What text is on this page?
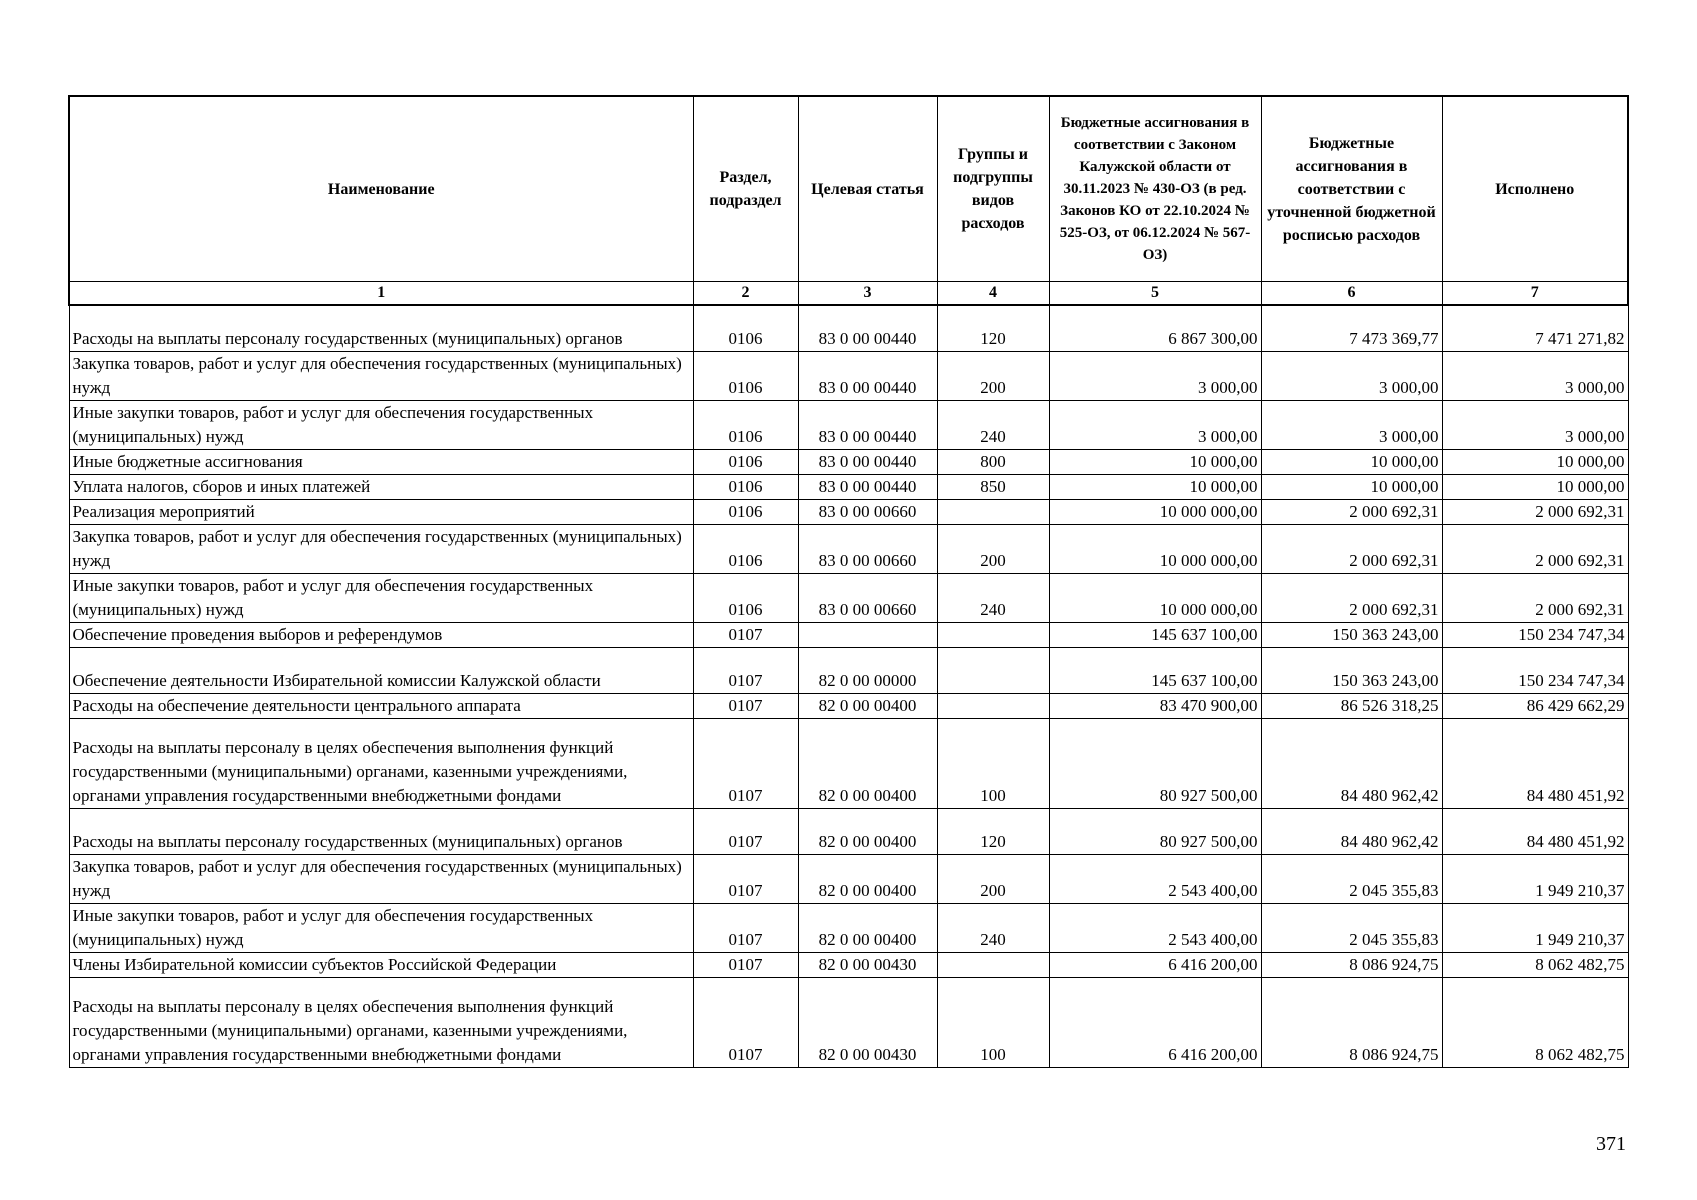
Наименование	Раздел, подраздел	Целевая статья	Группы и подгруппы видов расходов	Бюджетные ассигнования в соответствии с Законом Калужской области от 30.11.2023 № 430-ОЗ (в ред. Законов КО от 22.10.2024 № 525-ОЗ, от 06.12.2024 № 567-ОЗ)	Бюджетные ассигнования в соответствии с уточненной бюджетной росписью расходов	Исполнено
1	2	3	4	5	6	7
Расходы на выплаты персоналу государственных (муниципальных) органов	0106	83 0 00 00440	120	6 867 300,00	7 473 369,77	7 471 271,82
Закупка товаров, работ и услуг для обеспечения государственных (муниципальных) нужд	0106	83 0 00 00440	200	3 000,00	3 000,00	3 000,00
Иные закупки товаров, работ и услуг для обеспечения государственных (муниципальных) нужд	0106	83 0 00 00440	240	3 000,00	3 000,00	3 000,00
Иные бюджетные ассигнования	0106	83 0 00 00440	800	10 000,00	10 000,00	10 000,00
Уплата налогов, сборов и иных платежей	0106	83 0 00 00440	850	10 000,00	10 000,00	10 000,00
Реализация мероприятий	0106	83 0 00 00660		10 000 000,00	2 000 692,31	2 000 692,31
Закупка товаров, работ и услуг для обеспечения государственных (муниципальных) нужд	0106	83 0 00 00660	200	10 000 000,00	2 000 692,31	2 000 692,31
Иные закупки товаров, работ и услуг для обеспечения государственных (муниципальных) нужд	0106	83 0 00 00660	240	10 000 000,00	2 000 692,31	2 000 692,31
Обеспечение проведения выборов и референдумов	0107			145 637 100,00	150 363 243,00	150 234 747,34
Обеспечение деятельности Избирательной комиссии Калужской области	0107	82 0 00 00000		145 637 100,00	150 363 243,00	150 234 747,34
Расходы на обеспечение деятельности центрального аппарата	0107	82 0 00 00400		83 470 900,00	86 526 318,25	86 429 662,29
Расходы на выплаты персоналу в целях обеспечения выполнения функций государственными (муниципальными) органами, казенными учреждениями, органами управления государственными внебюджетными фондами	0107	82 0 00 00400	100	80 927 500,00	84 480 962,42	84 480 451,92
Расходы на выплаты персоналу государственных (муниципальных) органов	0107	82 0 00 00400	120	80 927 500,00	84 480 962,42	84 480 451,92
Закупка товаров, работ и услуг для обеспечения государственных (муниципальных) нужд	0107	82 0 00 00400	200	2 543 400,00	2 045 355,83	1 949 210,37
Иные закупки товаров, работ и услуг для обеспечения государственных (муниципальных) нужд	0107	82 0 00 00400	240	2 543 400,00	2 045 355,83	1 949 210,37
Члены Избирательной комиссии субъектов Российской Федерации	0107	82 0 00 00430		6 416 200,00	8 086 924,75	8 062 482,75
Расходы на выплаты персоналу в целях обеспечения выполнения функций государственными (муниципальными) органами, казенными учреждениями, органами управления государственными внебюджетными фондами	0107	82 0 00 00430	100	6 416 200,00	8 086 924,75	8 062 482,75
371
